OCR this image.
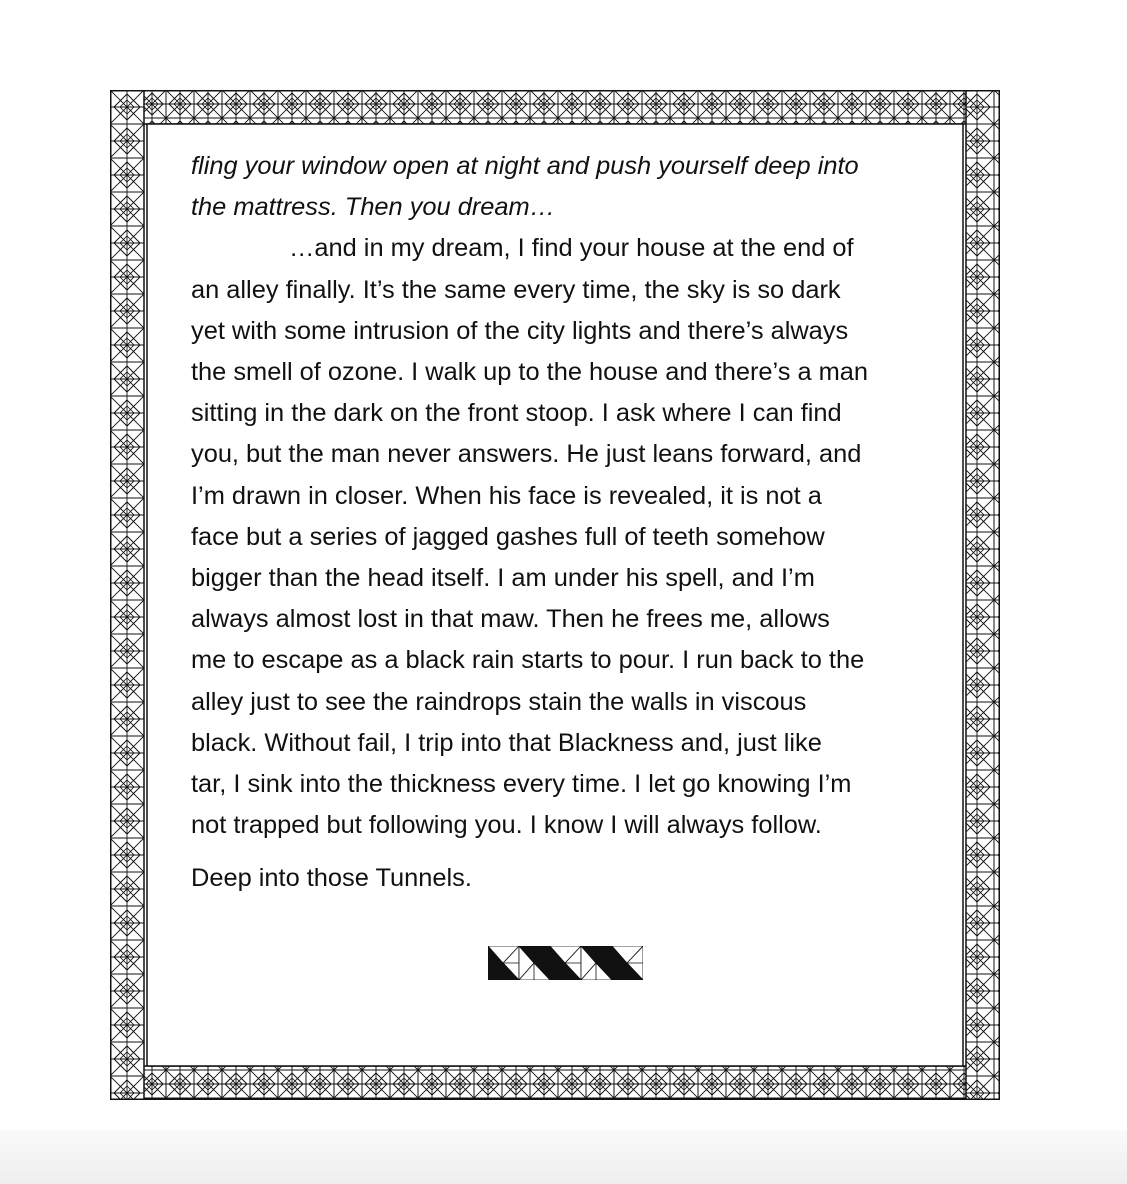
fling your window open at night and push yourself deep into
the mattress. Then you dream…

…and in my dream, I find your house at the end of
an alley finally. It’s the same every time, the sky is so dark
yet with some intrusion of the city lights and there’s always
the smell of ozone. I walk up to the house and there’s a man
sitting in the dark on the front stoop. I ask where I can find
you, but the man never answers. He just leans forward, and
I’m drawn in closer. When his face is revealed, it is not a
face but a series of jagged gashes full of teeth somehow
bigger than the head itself. I am under his spell, and I’m
always almost lost in that maw. Then he frees me, allows
me to escape as a black rain starts to pour. I run back to the
alley just to see the raindrops stain the walls in viscous
black. Without fail, I trip into that Blackness and, just like
tar, I sink into the thickness every time. I let go knowing I’m
not trapped but following you. I know I will always follow.

Deep into those Tunnels.
